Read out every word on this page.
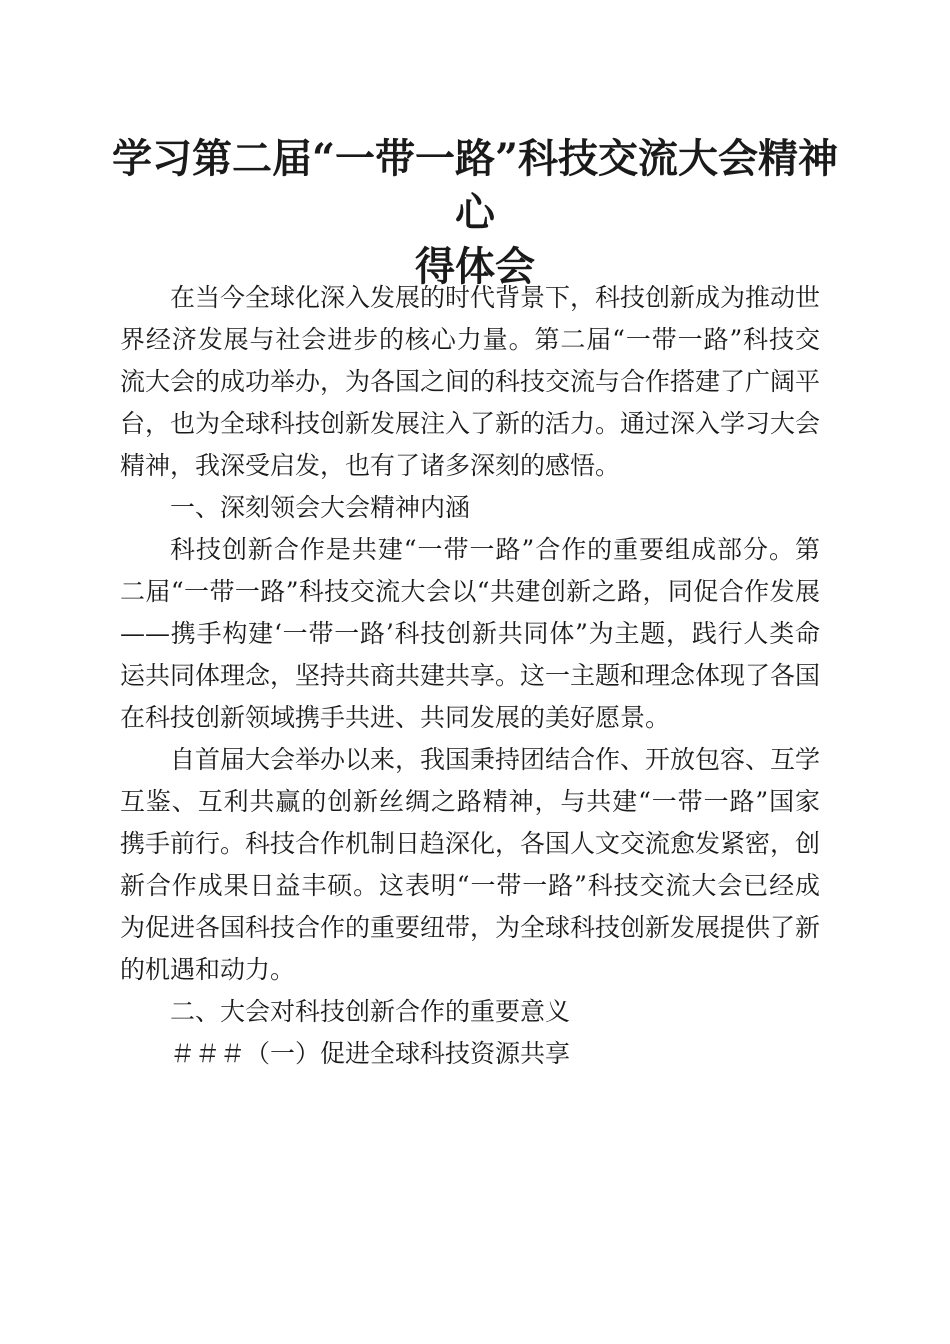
学习第二届“一带一路”科技交流大会精神心
得体会

在当今全球化深入发展的时代背景下，科技创新成为推动世界经济发展与社会进步的核心力量。第二届“一带一路”科技交流大会的成功举办，为各国之间的科技交流与合作搭建了广阔平台，也为全球科技创新发展注入了新的活力。通过深入学习大会精神，我深受启发，也有了诸多深刻的感悟。

一、深刻领会大会精神内涵

科技创新合作是共建“一带一路”合作的重要组成部分。第二届“一带一路”科技交流大会以“共建创新之路，同促合作发展——携手构建‘一带一路’科技创新共同体”为主题，践行人类命运共同体理念，坚持共商共建共享。这一主题和理念体现了各国在科技创新领域携手共进、共同发展的美好愿景。

自首届大会举办以来，我国秉持团结合作、开放包容、互学互鉴、互利共赢的创新丝绸之路精神，与共建“一带一路”国家携手前行。科技合作机制日趋深化，各国人文交流愈发紧密，创新合作成果日益丰硕。这表明“一带一路”科技交流大会已经成为促进各国科技合作的重要纽带，为全球科技创新发展提供了新的机遇和动力。

二、大会对科技创新合作的重要意义

＃＃＃（一）促进全球科技资源共享
